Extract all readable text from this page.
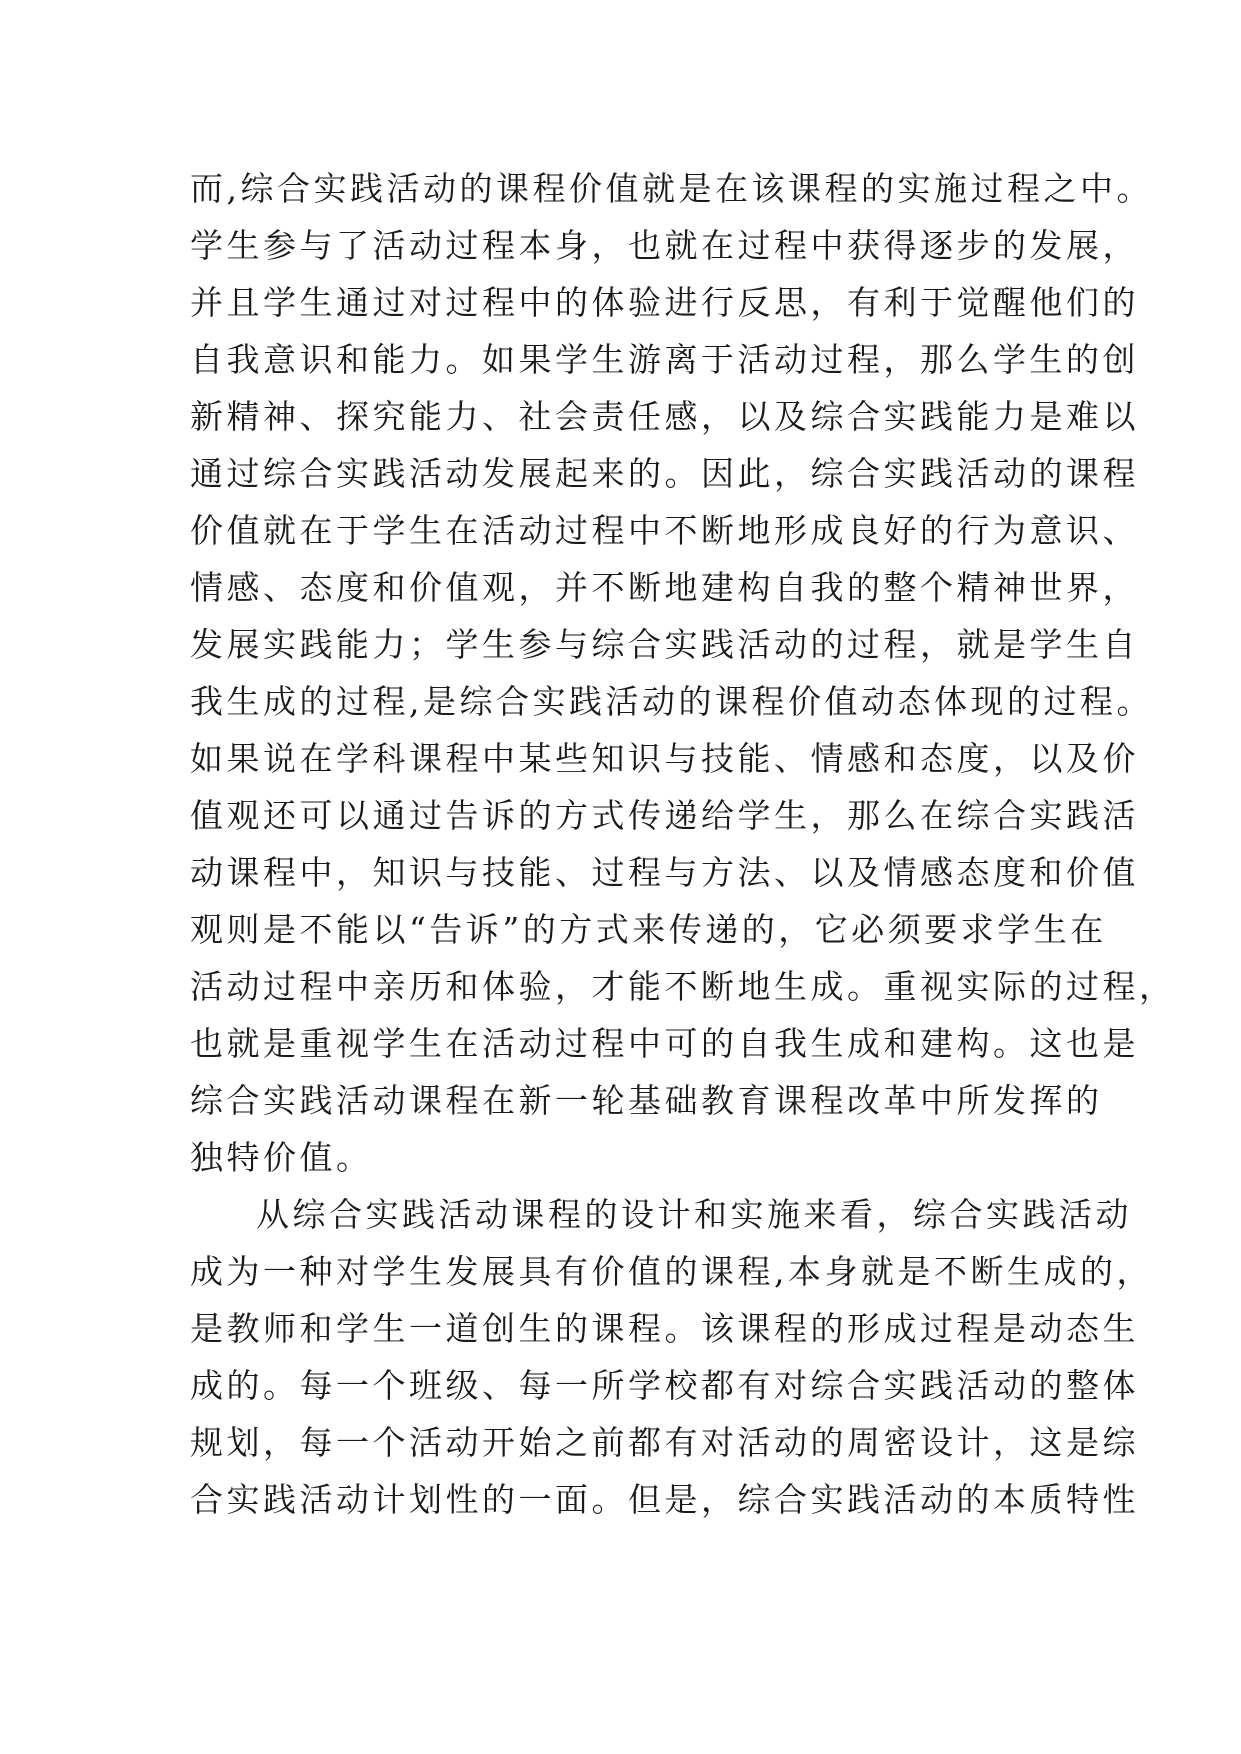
而,综合实践活动的课程价值就是在该课程的实施过程之中。
学生参与了活动过程本身，也就在过程中获得逐步的发展，
并且学生通过对过程中的体验进行反思，有利于觉醒他们的
自我意识和能力。如果学生游离于活动过程，那么学生的创
新精神、探究能力、社会责任感，以及综合实践能力是难以
通过综合实践活动发展起来的。因此，综合实践活动的课程
价值就在于学生在活动过程中不断地形成良好的行为意识、
情感、态度和价值观，并不断地建构自我的整个精神世界，
发展实践能力；学生参与综合实践活动的过程，就是学生自
我生成的过程,是综合实践活动的课程价值动态体现的过程。
如果说在学科课程中某些知识与技能、情感和态度，以及价
值观还可以通过告诉的方式传递给学生，那么在综合实践活
动课程中，知识与技能、过程与方法、以及情感态度和价值
观则是不能以“告诉”的方式来传递的，它必须要求学生在
活动过程中亲历和体验，才能不断地生成。重视实际的过程，
也就是重视学生在活动过程中可的自我生成和建构。这也是
综合实践活动课程在新一轮基础教育课程改革中所发挥的
独特价值。
从综合实践活动课程的设计和实施来看，综合实践活动
成为一种对学生发展具有价值的课程,本身就是不断生成的，
是教师和学生一道创生的课程。该课程的形成过程是动态生
成的。每一个班级、每一所学校都有对综合实践活动的整体
规划，每一个活动开始之前都有对活动的周密设计，这是综
合实践活动计划性的一面。但是，综合实践活动的本质特性
